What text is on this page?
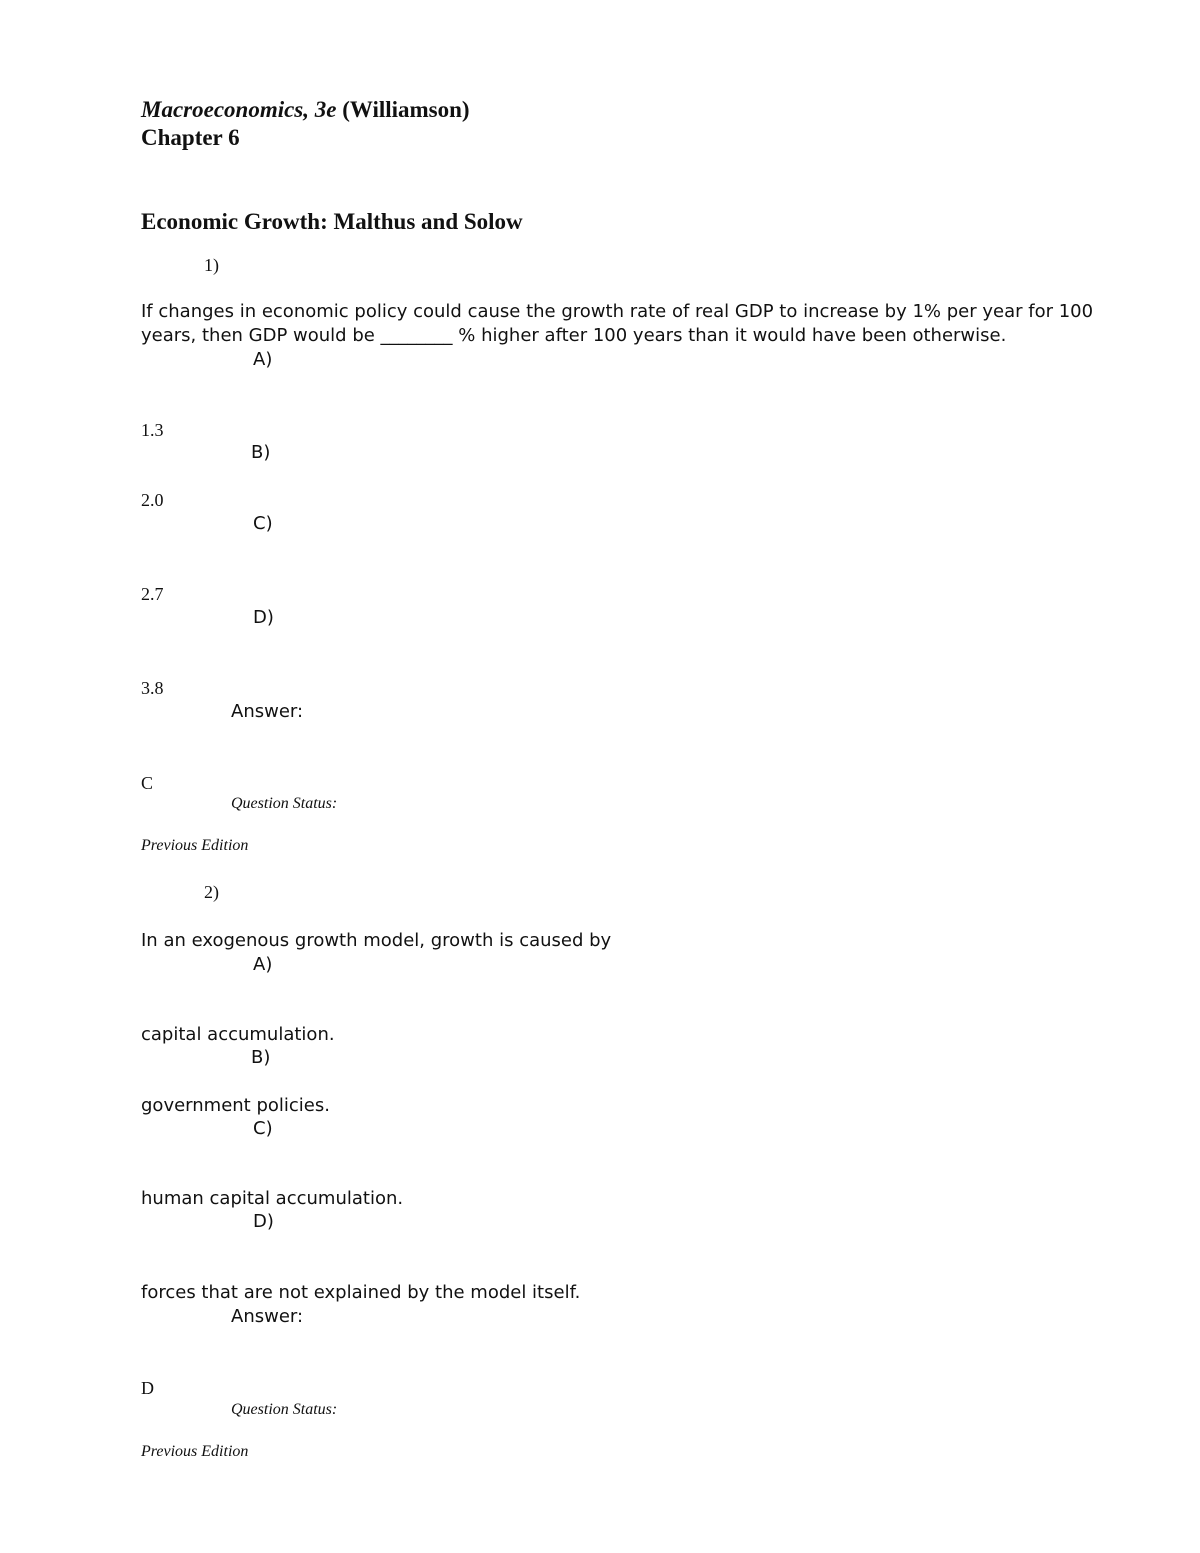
Macroeconomics, 3e (Williamson)
Chapter 6
Economic Growth: Malthus and Solow
1)
If changes in economic policy could cause the growth rate of real GDP to increase by 1% per year for 100
years, then GDP would be ________ % higher after 100 years than it would have been otherwise.
A)
1.3
B)
2.0
C)
2.7
D)
3.8
Answer:
C
Question Status:
Previous Edition
2)
In an exogenous growth model, growth is caused by
A)
capital accumulation.
B)
government policies.
C)
human capital accumulation.
D)
forces that are not explained by the model itself.
Answer:
D
Question Status:
Previous Edition
